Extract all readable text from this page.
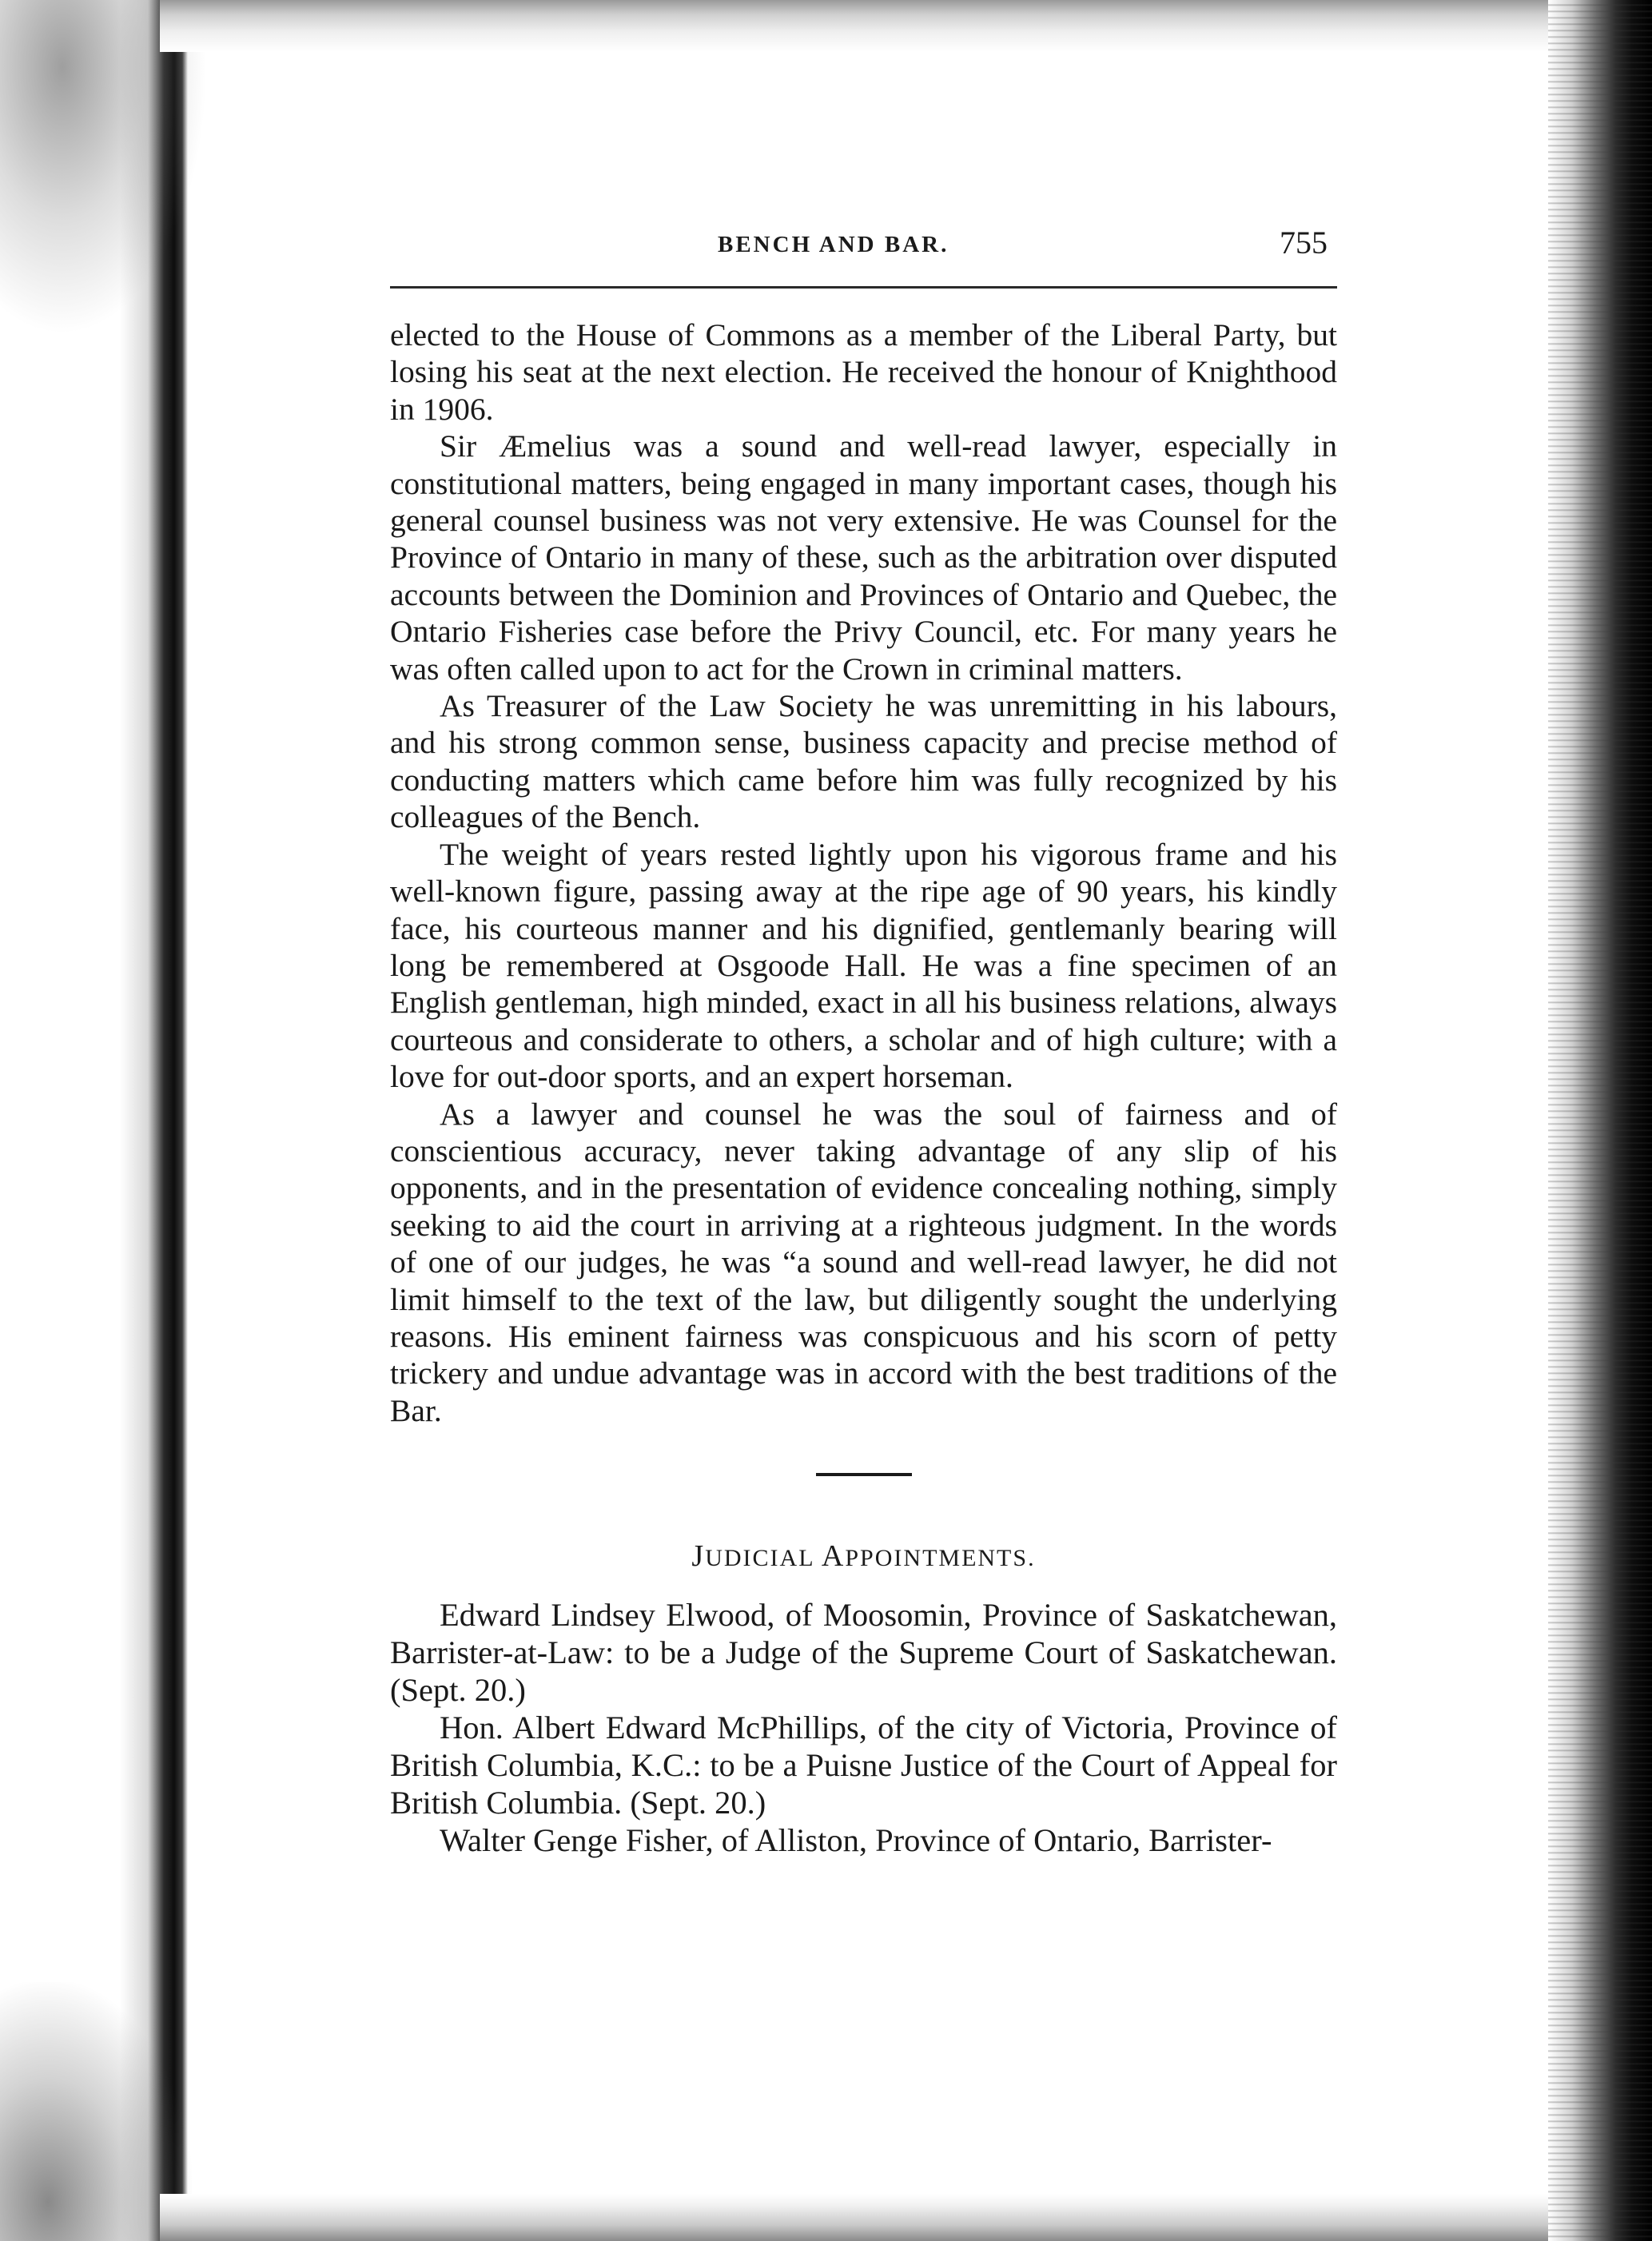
BENCH AND BAR.	755

elected to the House of Commons as a member of the Liberal Party, but losing his seat at the next election. He received the honour of Knighthood in 1906.

Sir Æmelius was a sound and well-read lawyer, especially in constitutional matters, being engaged in many important cases, though his general counsel business was not very extensive. He was Counsel for the Province of Ontario in many of these, such as the arbitration over disputed accounts between the Dominion and Provinces of Ontario and Quebec, the Ontario Fisheries case before the Privy Council, etc. For many years he was often called upon to act for the Crown in criminal matters.

As Treasurer of the Law Society he was unremitting in his labours, and his strong common sense, business capacity and precise method of conducting matters which came before him was fully recognized by his colleagues of the Bench.

The weight of years rested lightly upon his vigorous frame and his well-known figure, passing away at the ripe age of 90 years, his kindly face, his courteous manner and his dignified, gentlemanly bearing will long be remembered at Osgoode Hall. He was a fine specimen of an English gentleman, high minded, exact in all his business relations, always courteous and considerate to others, a scholar and of high culture; with a love for out-door sports, and an expert horseman.

As a lawyer and counsel he was the soul of fairness and of conscientious accuracy, never taking advantage of any slip of his opponents, and in the presentation of evidence concealing nothing, simply seeking to aid the court in arriving at a righteous judgment. In the words of one of our judges, he was “a sound and well-read lawyer, he did not limit himself to the text of the law, but diligently sought the underlying reasons. His eminent fairness was conspicuous and his scorn of petty trickery and undue advantage was in accord with the best traditions of the Bar.

JUDICIAL APPOINTMENTS.

Edward Lindsey Elwood, of Moosomin, Province of Saskatchewan, Barrister-at-Law: to be a Judge of the Supreme Court of Saskatchewan. (Sept. 20.)

Hon. Albert Edward McPhillips, of the city of Victoria, Province of British Columbia, K.C.: to be a Puisne Justice of the Court of Appeal for British Columbia. (Sept. 20.)

Walter Genge Fisher, of Alliston, Province of Ontario, Barrister-
